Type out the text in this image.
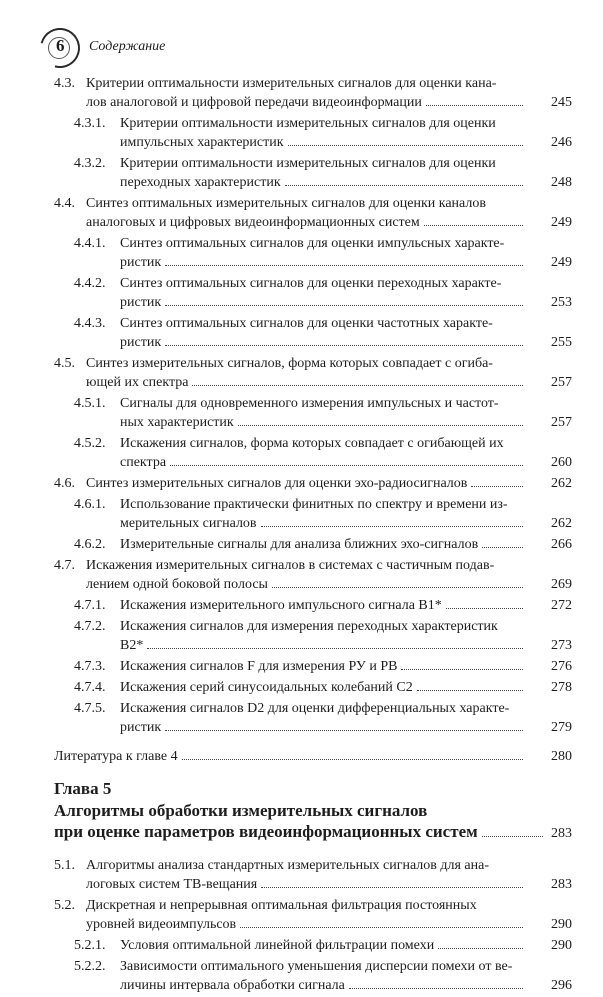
6 Содержание
4.3. Критерии оптимальности измерительных сигналов для оценки кана-
лов аналоговой и цифровой передачи видеоинформации	245
4.3.1. Критерии оптимальности измерительных сигналов для оценки
импульсных характеристик	246
4.3.2. Критерии оптимальности измерительных сигналов для оценки
переходных характеристик	248
4.4. Синтез оптимальных измерительных сигналов для оценки каналов
аналоговых и цифровых видеоинформационных систем	249
4.4.1. Синтез оптимальных сигналов для оценки импульсных характе-
ристик	249
4.4.2. Синтез оптимальных сигналов для оценки переходных характе-
ристик	253
4.4.3. Синтез оптимальных сигналов для оценки частотных характе-
ристик	255
4.5. Синтез измерительных сигналов, форма которых совпадает с огиба-
ющей их спектра	257
4.5.1. Сигналы для одновременного измерения импульсных и частот-
ных характеристик	257
4.5.2. Искажения сигналов, форма которых совпадает с огибающей их
спектра	260
4.6. Синтез измерительных сигналов для оценки эхо-радиосигналов	262
4.6.1. Использование практически финитных по спектру и времени из-
мерительных сигналов	262
4.6.2. Измерительные сигналы для анализа ближних эхо-сигналов	266
4.7. Искажения измерительных сигналов в системах с частичным подав-
лением одной боковой полосы	269
4.7.1. Искажения измерительного импульсного сигнала B1*	272
4.7.2. Искажения сигналов для измерения переходных характеристик
B2*	273
4.7.3. Искажения сигналов F для измерения РУ и РВ	276
4.7.4. Искажения серий синусоидальных колебаний С2	278
4.7.5. Искажения сигналов D2 для оценки дифференциальных характе-
ристик	279
Литература к главе 4	280
Глава 5
Алгоритмы обработки измерительных сигналов
при оценке параметров видеоинформационных систем	283
5.1. Алгоритмы анализа стандартных измерительных сигналов для ана-
логовых систем ТВ-вещания	283
5.2. Дискретная и непрерывная оптимальная фильтрация постоянных
уровней видеоимпульсов	290
5.2.1. Условия оптимальной линейной фильтрации помехи	290
5.2.2. Зависимости оптимального уменьшения дисперсии помехи от ве-
личины интервала обработки сигнала	296
